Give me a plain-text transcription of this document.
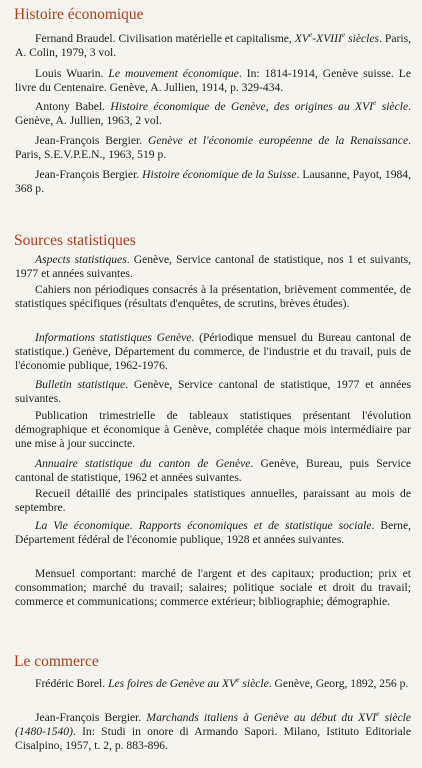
Histoire économique

Fernand Braudel. Civilisation matérielle et capitalisme, XVe-XVIIIe siècles. Paris, A. Colin, 1979, 3 vol.

Louis Wuarin. Le mouvement économique. In: 1814-1914, Genève suisse. Le livre du Centenaire. Genève, A. Jullien, 1914, p. 329-434.

Antony Babel. Histoire économique de Genève, des origines au XVIe siècle. Genève, A. Jullien, 1963, 2 vol.

Jean-François Bergier. Genève et l'économie européenne de la Renaissance. Paris, S.E.V.P.E.N., 1963, 519 p.

Jean-François Bergier. Histoire économique de la Suisse. Lausanne, Payot, 1984, 368 p.

Sources statistiques

Aspects statistiques. Genève, Service cantonal de statistique, nos 1 et suivants, 1977 et années suivantes.

Cahiers non périodiques consacrés à la présentation, brièvement commentée, de statistiques spécifiques (résultats d'enquêtes, de scrutins, brèves études).

Informations statistiques Genève. (Périodique mensuel du Bureau cantonal de statistique.) Genève, Département du commerce, de l'industrie et du travail, puis de l'économie publique, 1962-1976.

Bulletin statistique. Genève, Service cantonal de statistique, 1977 et années suivantes.

Publication trimestrielle de tableaux statistiques présentant l'évolution démographique et économique à Genève, complétée chaque mois intermédiaire par une mise à jour succincte.

Annuaire statistique du canton de Genève. Genève, Bureau, puis Service cantonal de statistique, 1962 et années suivantes.

Recueil détaillé des principales statistiques annuelles, paraissant au mois de septembre.

La Vie économique. Rapports économiques et de statistique sociale. Berne, Département fédéral de l'économie publique, 1928 et années suivantes.

Mensuel comportant: marché de l'argent et des capitaux; production; prix et consommation; marché du travail; salaires; politique sociale et droit du travail; commerce et communications; commerce extérieur; bibliographie; démographie.

Le commerce

Frédéric Borel. Les foires de Genève au XVe siècle. Genève, Georg, 1892, 256 p.

Jean-François Bergier. Marchands italiens à Genève au début du XVIe siècle (1480-1540). In: Studi in onore di Armando Sapori. Milano, Istituto Editoriale Cisalpino, 1957, t. 2, p. 883-896.
